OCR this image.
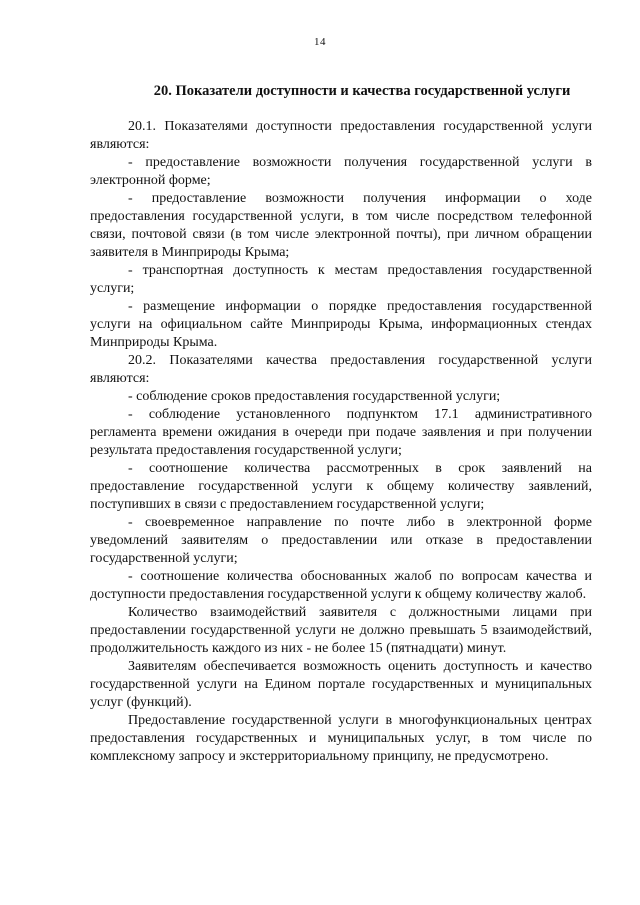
14
20. Показатели доступности и качества государственной услуги

20.1. Показателями доступности предоставления государственной услуги являются:

- предоставление возможности получения государственной услуги в электронной форме;

- предоставление возможности получения информации о ходе предоставления государственной услуги, в том числе посредством телефонной связи, почтовой связи (в том числе электронной почты), при личном обращении заявителя в Минприроды Крыма;

- транспортная доступность к местам предоставления государственной услуги;

- размещение информации о порядке предоставления государственной услуги на официальном сайте Минприроды Крыма, информационных стендах Минприроды Крыма.

20.2. Показателями качества предоставления государственной услуги являются:

- соблюдение сроков предоставления государственной услуги;

- соблюдение установленного подпунктом 17.1 административного регламента времени ожидания в очереди при подаче заявления и при получении результата предоставления государственной услуги;

- соотношение количества рассмотренных в срок заявлений на предоставление государственной услуги к общему количеству заявлений, поступивших в связи с предоставлением государственной услуги;

- своевременное направление по почте либо в электронной форме уведомлений заявителям о предоставлении или отказе в предоставлении государственной услуги;

- соотношение количества обоснованных жалоб по вопросам качества и доступности предоставления государственной услуги к общему количеству жалоб.

Количество взаимодействий заявителя с должностными лицами при предоставлении государственной услуги не должно превышать 5 взаимодействий, продолжительность каждого из них - не более 15 (пятнадцати) минут.

Заявителям обеспечивается возможность оценить доступность и качество государственной услуги на Едином портале государственных и муниципальных услуг (функций).

Предоставление государственной услуги в многофункциональных центрах предоставления государственных и муниципальных услуг, в том числе по комплексному запросу и экстерриториальному принципу, не предусмотрено.
